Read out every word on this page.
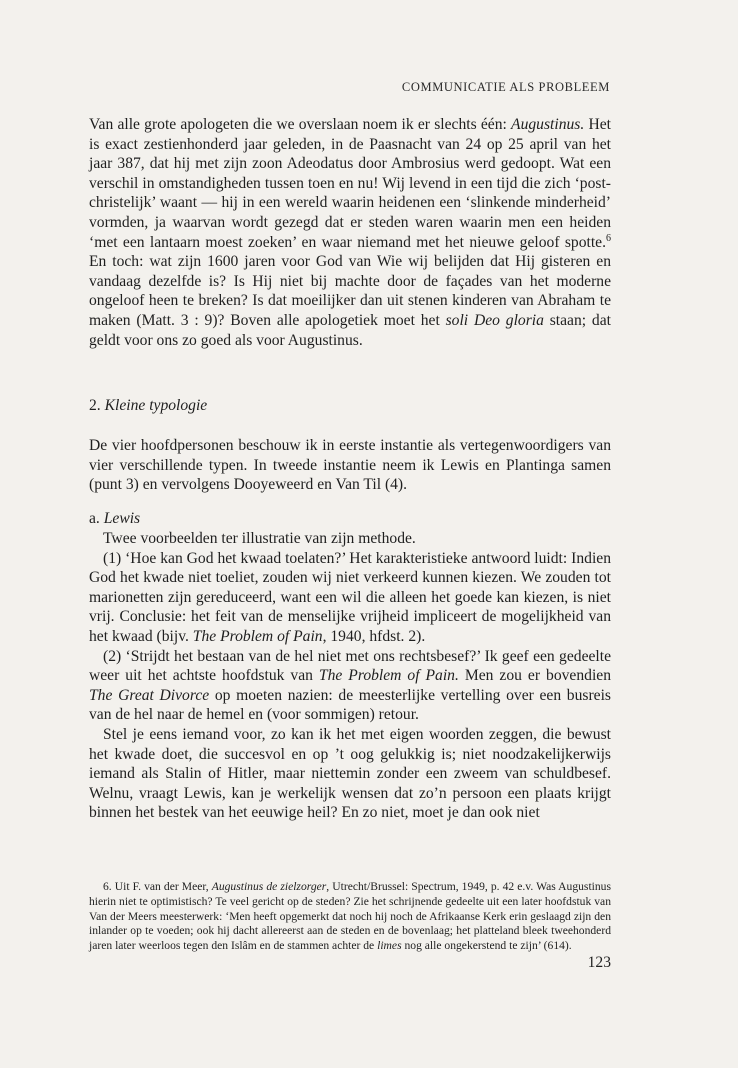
COMMUNICATIE ALS PROBLEEM

Van alle grote apologeten die we overslaan noem ik er slechts één: Augustinus. Het is exact zestienhonderd jaar geleden, in de Paasnacht van 24 op 25 april van het jaar 387, dat hij met zijn zoon Adeodatus door Ambrosius werd gedoopt. Wat een verschil in omstandigheden tussen toen en nu! Wij levend in een tijd die zich ‘post-christelijk’ waant — hij in een wereld waarin heidenen een ‘slinkende minderheid’ vormden, ja waarvan wordt gezegd dat er steden waren waarin men een heiden ‘met een lantaarn moest zoeken’ en waar niemand met het nieuwe geloof spotte.$^6$ En toch: wat zijn 1600 jaren voor God van Wie wij belijden dat Hij gisteren en vandaag dezelfde is? Is Hij niet bij machte door de façades van het moderne ongeloof heen te breken? Is dat moeilijker dan uit stenen kinderen van Abraham te maken (Matt. 3 : 9)? Boven alle apologetiek moet het soli Deo gloria staan; dat geldt voor ons zo goed als voor Augustinus.

2. Kleine typologie

De vier hoofdpersonen beschouw ik in eerste instantie als vertegenwoordigers van vier verschillende typen. In tweede instantie neem ik Lewis en Plantinga samen (punt 3) en vervolgens Dooyeweerd en Van Til (4).

a. Lewis

Twee voorbeelden ter illustratie van zijn methode.

(1) ‘Hoe kan God het kwaad toelaten?’ Het karakteristieke antwoord luidt: Indien God het kwade niet toeliet, zouden wij niet verkeerd kunnen kiezen. We zouden tot marionetten zijn gereduceerd, want een wil die alleen het goede kan kiezen, is niet vrij. Conclusie: het feit van de menselijke vrijheid impliceert de mogelijkheid van het kwaad (bijv. The Problem of Pain, 1940, hfdst. 2).

(2) ‘Strijdt het bestaan van de hel niet met ons rechtsbesef?’ Ik geef een gedeelte weer uit het achtste hoofdstuk van The Problem of Pain. Men zou er bovendien The Great Divorce op moeten nazien: de meesterlijke vertelling over een busreis van de hel naar de hemel en (voor sommigen) retour.

Stel je eens iemand voor, zo kan ik het met eigen woorden zeggen, die bewust het kwade doet, die succesvol en op ’t oog gelukkig is; niet noodzakelijkerwijs iemand als Stalin of Hitler, maar niettemin zonder een zweem van schuldbesef. Welnu, vraagt Lewis, kan je werkelijk wensen dat zo’n persoon een plaats krijgt binnen het bestek van het eeuwige heil? En zo niet, moet je dan ook niet

6. Uit F. van der Meer, Augustinus de zielzorger, Utrecht/Brussel: Spectrum, 1949, p. 42 e.v. Was Augustinus hierin niet te optimistisch? Te veel gericht op de steden? Zie het schrijnende gedeelte uit een later hoofdstuk van Van der Meers meesterwerk: ‘Men heeft opgemerkt dat noch hij noch de Afrikaanse Kerk erin geslaagd zijn den inlander op te voeden; ook hij dacht allereerst aan de steden en de bovenlaag; het platteland bleek tweehonderd jaren later weerloos tegen den Islâm en de stammen achter de limes nog alle ongekerstend te zijn’ (614).

123
